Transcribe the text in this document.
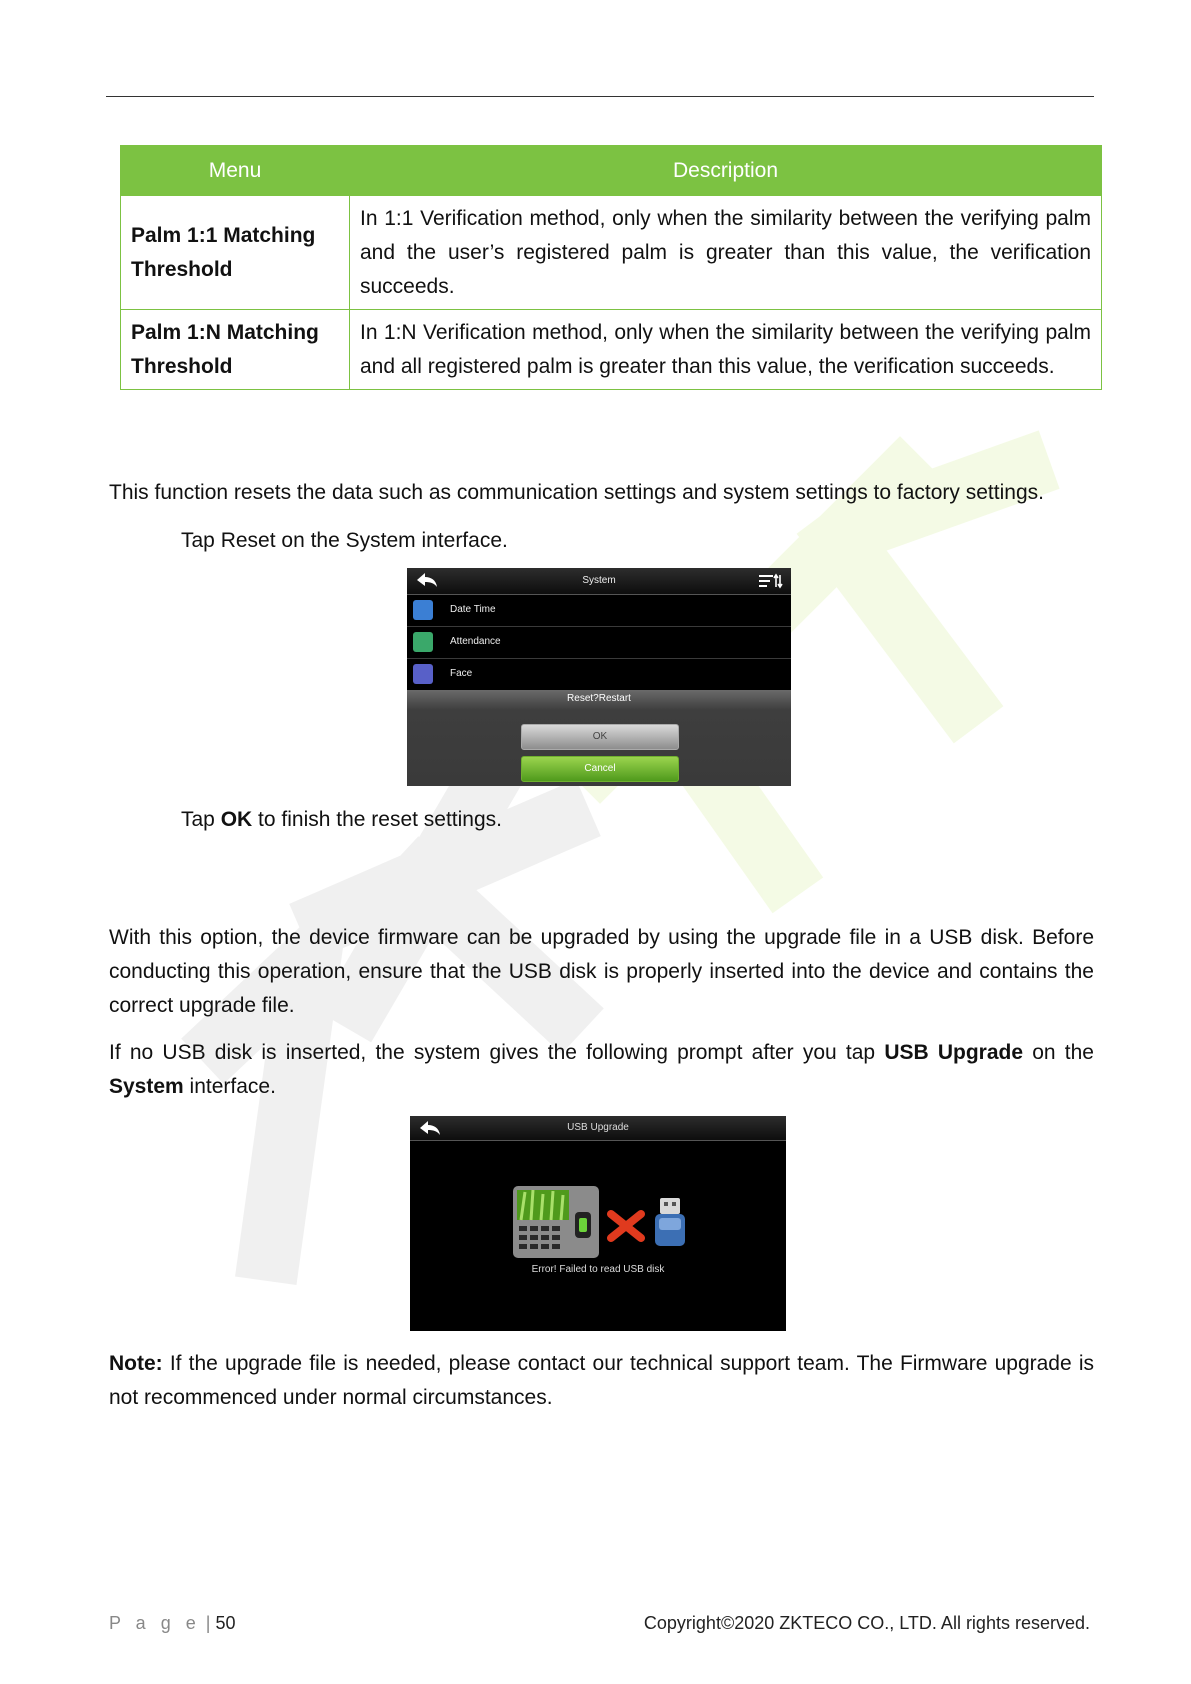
Menu	Description
Palm 1:1 Matching Threshold	In 1:1 Verification method, only when the similarity between the verifying palm and the user’s registered palm is greater than this value, the verification succeeds.
Palm 1:N Matching Threshold	In 1:N Verification method, only when the similarity between the verifying palm and all registered palm is greater than this value, the verification succeeds.

This function resets the data such as communication settings and system settings to factory settings.

Tap Reset on the System interface.

System
Date Time
Attendance
Face
Reset?Restart
OK
Cancel

Tap OK to finish the reset settings.

With this option, the device firmware can be upgraded by using the upgrade file in a USB disk. Before conducting this operation, ensure that the USB disk is properly inserted into the device and contains the correct upgrade file.

If no USB disk is inserted, the system gives the following prompt after you tap USB Upgrade on the System interface.

USB Upgrade
Error! Failed to read USB disk

Note: If the upgrade file is needed, please contact our technical support team. The Firmware upgrade is not recommenced under normal circumstances.

P a g e | 50	Copyright©2020 ZKTECO CO., LTD. All rights reserved.
